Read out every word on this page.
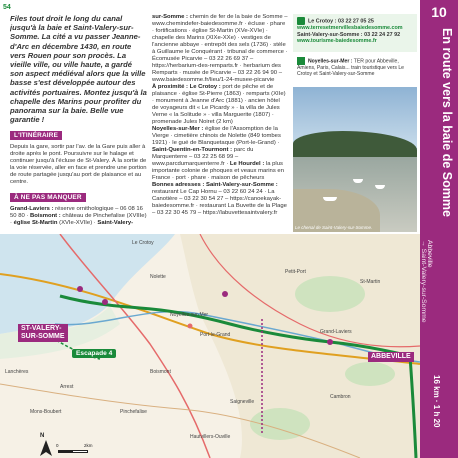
54

Files tout droit le long du canal jusqu'à la baie et Saint-Valery-sur-Somme. La cité a vu passer Jeanne-d'Arc en décembre 1430, en route vers Rouen pour son procès. La vieille ville, ou ville haute, a gardé son aspect médiéval alors que la ville basse s'est développée autour des activités portuaires. Montez jusqu'à la chapelle des Marins pour profiter du panorama sur la baie. Belle vue garantie !

L'ITINÉRAIRE

Depuis la gare, sortir par l'av. de la Gare puis aller à droite après le pont. Poursuivre sur le halage et continuer jusqu'à l'écluse de St-Valery. À la sortie de la voie réservée, aller en face et prendre une portion de route partagée jusqu'au port de plaisance et au centre.

À NE PAS MANQUER

Grand-Laviers : réserve ornithologique – 06 08 16 50 80 · Boismont : château de Pinchefalise (XVIIIe) · église St-Martin (XVIe-XVIIe) · Saint-Valery-

sur-Somme : chemin de fer de la baie de Somme – www.chemindefer-baiedesomme.fr · écluse · phare · fortifications · église St-Martin (XVe-XVIe) · chapelle des Marins (XIXe-XXe) · vestiges de l'ancienne abbaye · entrepôt des sels (1736) · stèle à Guillaume le Conquérant · tribunal de commerce · Écomusée Picarvie – 03 22 26 69 37 – https://herbarium-des-remparts.fr · herbarium des Remparts · musée de Picarvie – 03 22 26 94 90 – www.baiedesomme.fr/lieu/1-24-musee-picarvie

À proximité : Le Crotoy : port de pêche et de plaisance · église St-Pierre (1863) · remparts (XIIe) · monument à Jeanne d'Arc (1881) · ancien hôtel de voyageurs dit « Le Picardy » · la villa de Jules Verne « la Solitude » · villa Marguerite (1807) · promenade Jules Noiret (2 km)

Noyelles-sur-Mer : église de l'Assomption de la Vierge · cimetière chinois de Nolette (849 tombes 1921) · le gué de Blanquetaque (Port-le-Grand) · Saint-Quentin-en-Tourmont : parc du Marquenterre – 03 22 25 68 99 – www.parcdumarquenterre.fr · Le Hourdel : la plus importante colonie de phoques et veaux marins en France · port · phare · maison de pêcheurs

Bonnes adresses : Saint-Valery-sur-Somme : restaurant Le Cap Hornu – 03 22 60 24 24 · La Canotière – 03 22 30 54 27 – https://canoekayak-baiedesomme.fr · restaurant La Buvette de la Plage – 03 22 30 45 79 – https://labuvettesaintvalery.fr

Le Crotoy : 03 22 27 05 25
www.terresetmervillesbaiedesomme.com
Saint-Valery-sur-Somme : 03 22 24 27 92
www.tourisme-baiedesomme.fr

Noyelles-sur-Mer : TER pour Abbeville, Amiens, Paris, Calais... train touristique vers Le Crotoy et Saint-Valery-sur-Somme

Le chenal de Saint-Valery-sur-Somme.
10
En route vers la baie de Somme
Abbeville
→ Saint-Valery-sur-Somme
16 km · 1 h 20
Le Crotoy
Noyelles-sur-Mer
Port-le-Grand
Boismont
Grand-Laviers
St-Martin
Cambron
Saigneville
Pinchefalise
Nolette
Lanchères
Arrest
Mons-Boubert
Petit-Port
Hautvillers-Ouville
ST-VALERY-
SUR-SOMME
ABBEVILLE
Escapade 4
N
0	2km
